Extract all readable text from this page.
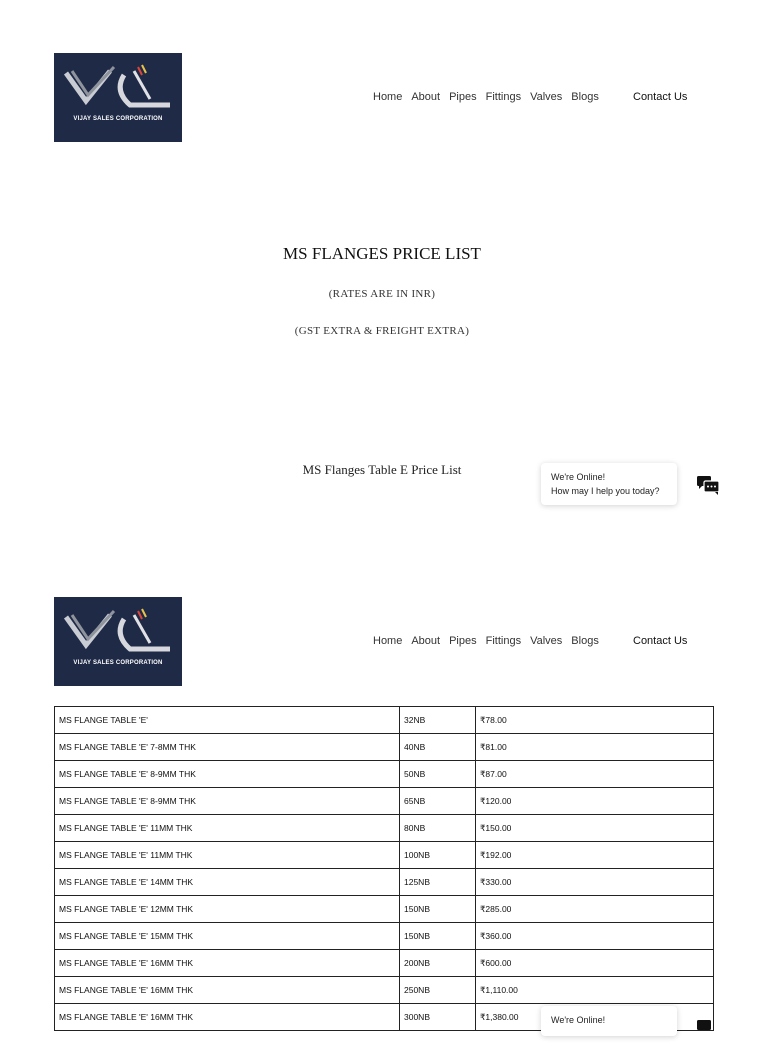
VIJAY SALES CORPORATION
Home About Pipes Fittings Valves Blogs	Contact Us
MS FLANGES PRICE LIST
(RATES ARE IN INR)
(GST EXTRA & FREIGHT EXTRA)
MS Flanges Table E Price List	We're Online!
How may I help you today?
VIJAY SALES CORPORATION
Home About Pipes Fittings Valves Blogs	Contact Us
MS FLANGE TABLE 'E'	32NB	₹78.00
MS FLANGE TABLE 'E' 7-8MM THK	40NB	₹81.00
MS FLANGE TABLE 'E' 8-9MM THK	50NB	₹87.00
MS FLANGE TABLE 'E' 8-9MM THK	65NB	₹120.00
MS FLANGE TABLE 'E' 11MM THK	80NB	₹150.00
MS FLANGE TABLE 'E' 11MM THK	100NB	₹192.00
MS FLANGE TABLE 'E' 14MM THK	125NB	₹330.00
MS FLANGE TABLE 'E' 12MM THK	150NB	₹285.00
MS FLANGE TABLE 'E' 15MM THK	150NB	₹360.00
MS FLANGE TABLE 'E' 16MM THK	200NB	₹600.00
MS FLANGE TABLE 'E' 16MM THK	250NB	₹1,110.00
MS FLANGE TABLE 'E' 16MM THK	300NB	₹1,380.00	We're Online!
